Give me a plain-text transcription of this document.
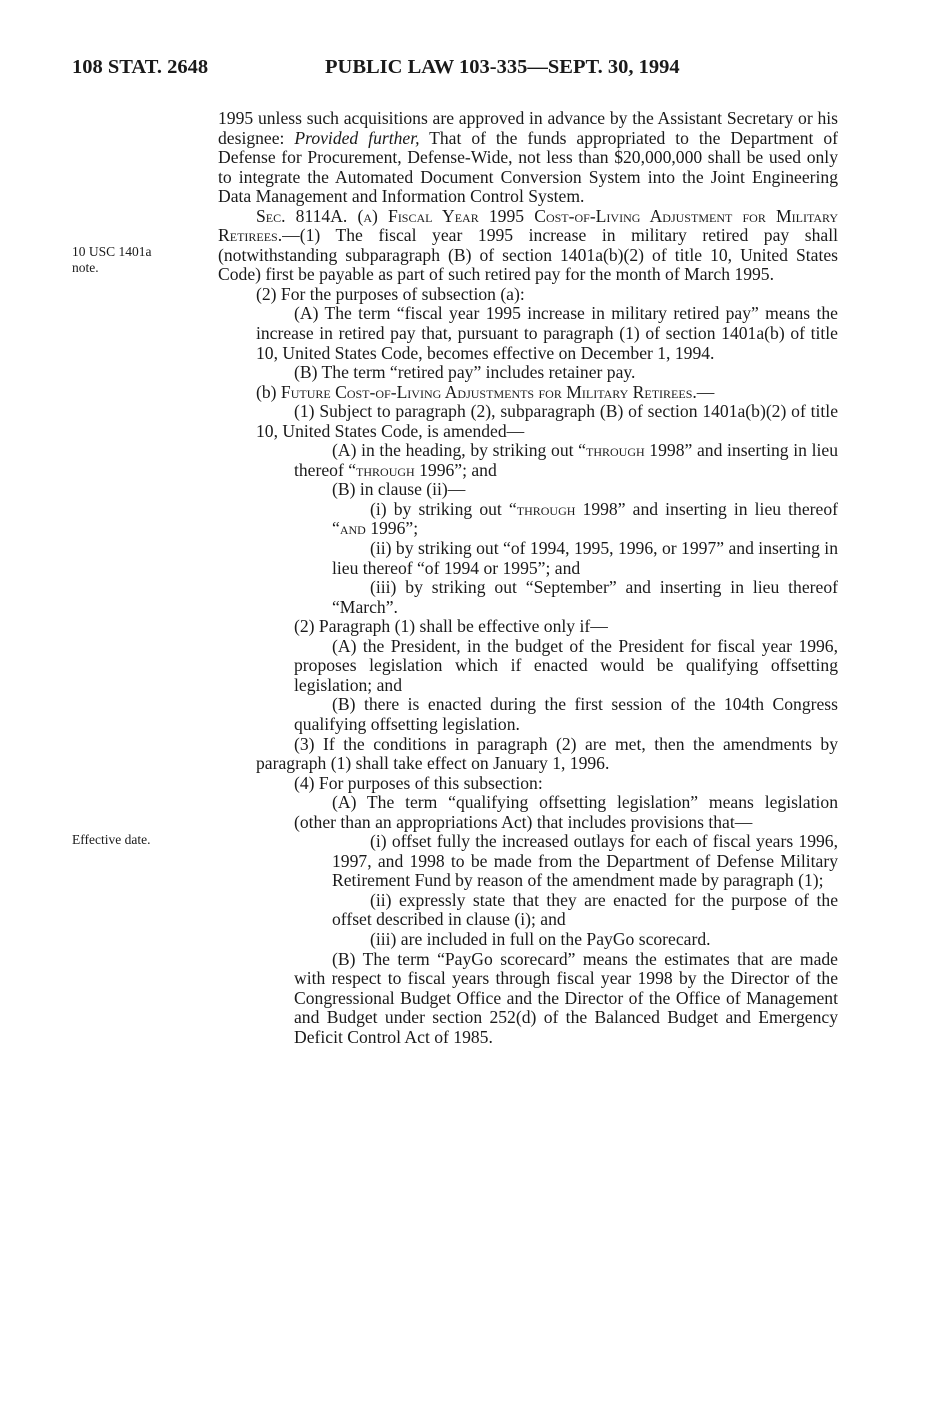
108 STAT. 2648	PUBLIC LAW 103-335—SEPT. 30, 1994
10 USC 1401a
note.
Effective date.

1995 unless such acquisitions are approved in advance by the Assistant Secretary or his designee: Provided further, That of the funds appropriated to the Department of Defense for Procurement, Defense-Wide, not less than $20,000,000 shall be used only to integrate the Automated Document Conversion System into the Joint Engineering Data Management and Information Control System.

Sec. 8114A. (a) Fiscal Year 1995 Cost-of-Living Adjustment for Military Retirees.—(1) The fiscal year 1995 increase in military retired pay shall (notwithstanding subparagraph (B) of section 1401a(b)(2) of title 10, United States Code) first be payable as part of such retired pay for the month of March 1995.

(2) For the purposes of subsection (a):

(A) The term “fiscal year 1995 increase in military retired pay” means the increase in retired pay that, pursuant to paragraph (1) of section 1401a(b) of title 10, United States Code, becomes effective on December 1, 1994.

(B) The term “retired pay” includes retainer pay.

(b) Future Cost-of-Living Adjustments for Military Retirees.—

(1) Subject to paragraph (2), subparagraph (B) of section 1401a(b)(2) of title 10, United States Code, is amended—

(A) in the heading, by striking out “through 1998” and inserting in lieu thereof “through 1996”; and

(B) in clause (ii)—

(i) by striking out “through 1998” and inserting in lieu thereof “and 1996”;

(ii) by striking out “of 1994, 1995, 1996, or 1997” and inserting in lieu thereof “of 1994 or 1995”; and

(iii) by striking out “September” and inserting in lieu thereof “March”.

(2) Paragraph (1) shall be effective only if—

(A) the President, in the budget of the President for fiscal year 1996, proposes legislation which if enacted would be qualifying offsetting legislation; and

(B) there is enacted during the first session of the 104th Congress qualifying offsetting legislation.

(3) If the conditions in paragraph (2) are met, then the amendments by paragraph (1) shall take effect on January 1, 1996.

(4) For purposes of this subsection:

(A) The term “qualifying offsetting legislation” means legislation (other than an appropriations Act) that includes provisions that—

(i) offset fully the increased outlays for each of fiscal years 1996, 1997, and 1998 to be made from the Department of Defense Military Retirement Fund by reason of the amendment made by paragraph (1);

(ii) expressly state that they are enacted for the purpose of the offset described in clause (i); and

(iii) are included in full on the PayGo scorecard.

(B) The term “PayGo scorecard” means the estimates that are made with respect to fiscal years through fiscal year 1998 by the Director of the Congressional Budget Office and the Director of the Office of Management and Budget under section 252(d) of the Balanced Budget and Emergency Deficit Control Act of 1985.
